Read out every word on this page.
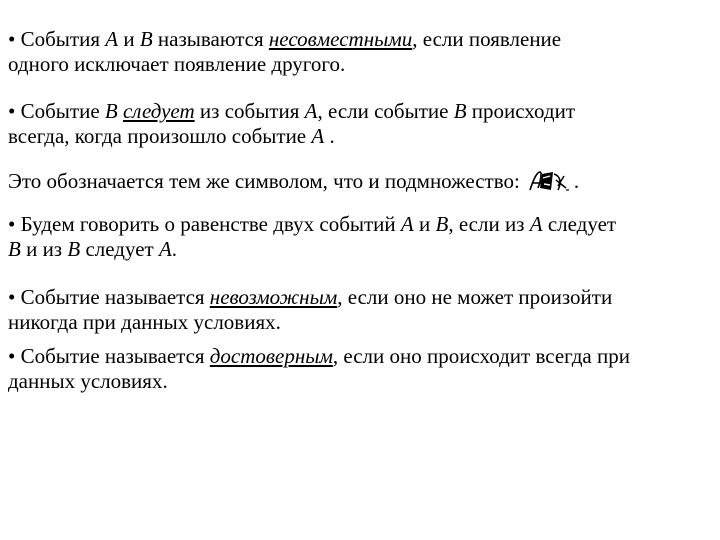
• События A и B называются несовместными, если появление
одного исключает появление другого.

• Событие B следует из события A, если событие B происходит
всегда, когда произошло событие A .

Это обозначается тем же символом, что и подмножество:	.

• Будем говорить о равенстве двух событий A и B, если из A следует
B и из B следует A.

• Событие называется невозможным, если оно не может произойти
никогда при данных условиях.

• Событие называется достоверным, если оно происходит всегда при
данных условиях.
